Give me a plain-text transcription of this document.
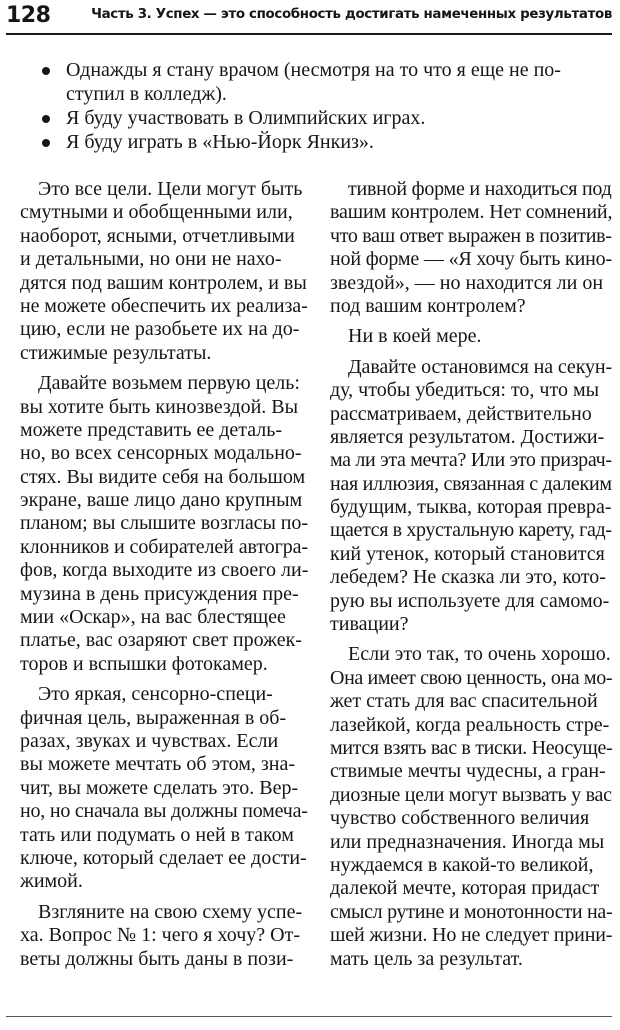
128	Часть 3. Успех — это способность достигать намеченных результатов
Однажды я стану врачом (несмотря на то что я еще не по-
ступил в колледж).
Я буду участвовать в Олимпийских играх.
Я буду играть в «Нью-Йорк Янкиз».
Это все цели. Цели могут быть
смутными и обобщенными или,
наоборот, ясными, отчетливыми
и детальными, но они не нахо-
дятся под вашим контролем, и вы
не можете обеспечить их реализа-
цию, если не разобьете их на до-
стижимые результаты.
Давайте возьмем первую цель:
вы хотите быть кинозвездой. Вы
можете представить ее деталь-
но, во всех сенсорных модально-
стях. Вы видите себя на большом
экране, ваше лицо дано крупным
планом; вы слышите возгласы по-
клонников и собирателей автогра-
фов, когда выходите из своего ли-
музина в день присуждения пре-
мии «Оскар», на вас блестящее
платье, вас озаряют свет прожек-
торов и вспышки фотокамер.
Это яркая, сенсорно-специ-
фичная цель, выраженная в об-
разах, звуках и чувствах. Если
вы можете мечтать об этом, зна-
чит, вы можете сделать это. Вер-
но, но сначала вы должны помеча-
тать или подумать о ней в таком
ключе, который сделает ее дости-
жимой.
Взгляните на свою схему успе-
ха. Вопрос № 1: чего я хочу? От-
веты должны быть даны в пози-
тивной форме и находиться под
вашим контролем. Нет сомнений,
что ваш ответ выражен в позитив-
ной форме — «Я хочу быть кино-
звездой», — но находится ли он
под вашим контролем?
Ни в коей мере.
Давайте остановимся на секун-
ду, чтобы убедиться: то, что мы
рассматриваем, действительно
является результатом. Достижи-
ма ли эта мечта? Или это призрач-
ная иллюзия, связанная с далеким
будущим, тыква, которая превра-
щается в хрустальную карету, гад-
кий утенок, который становится
лебедем? Не сказка ли это, кото-
рую вы используете для самомо-
тивации?
Если это так, то очень хорошо.
Она имеет свою ценность, она мо-
жет стать для вас спасительной
лазейкой, когда реальность стре-
мится взять вас в тиски. Неосуще-
ствимые мечты чудесны, а гран-
диозные цели могут вызвать у вас
чувство собственного величия
или предназначения. Иногда мы
нуждаемся в какой-то великой,
далекой мечте, которая придаст
смысл рутине и монотонности на-
шей жизни. Но не следует прини-
мать цель за результат.
